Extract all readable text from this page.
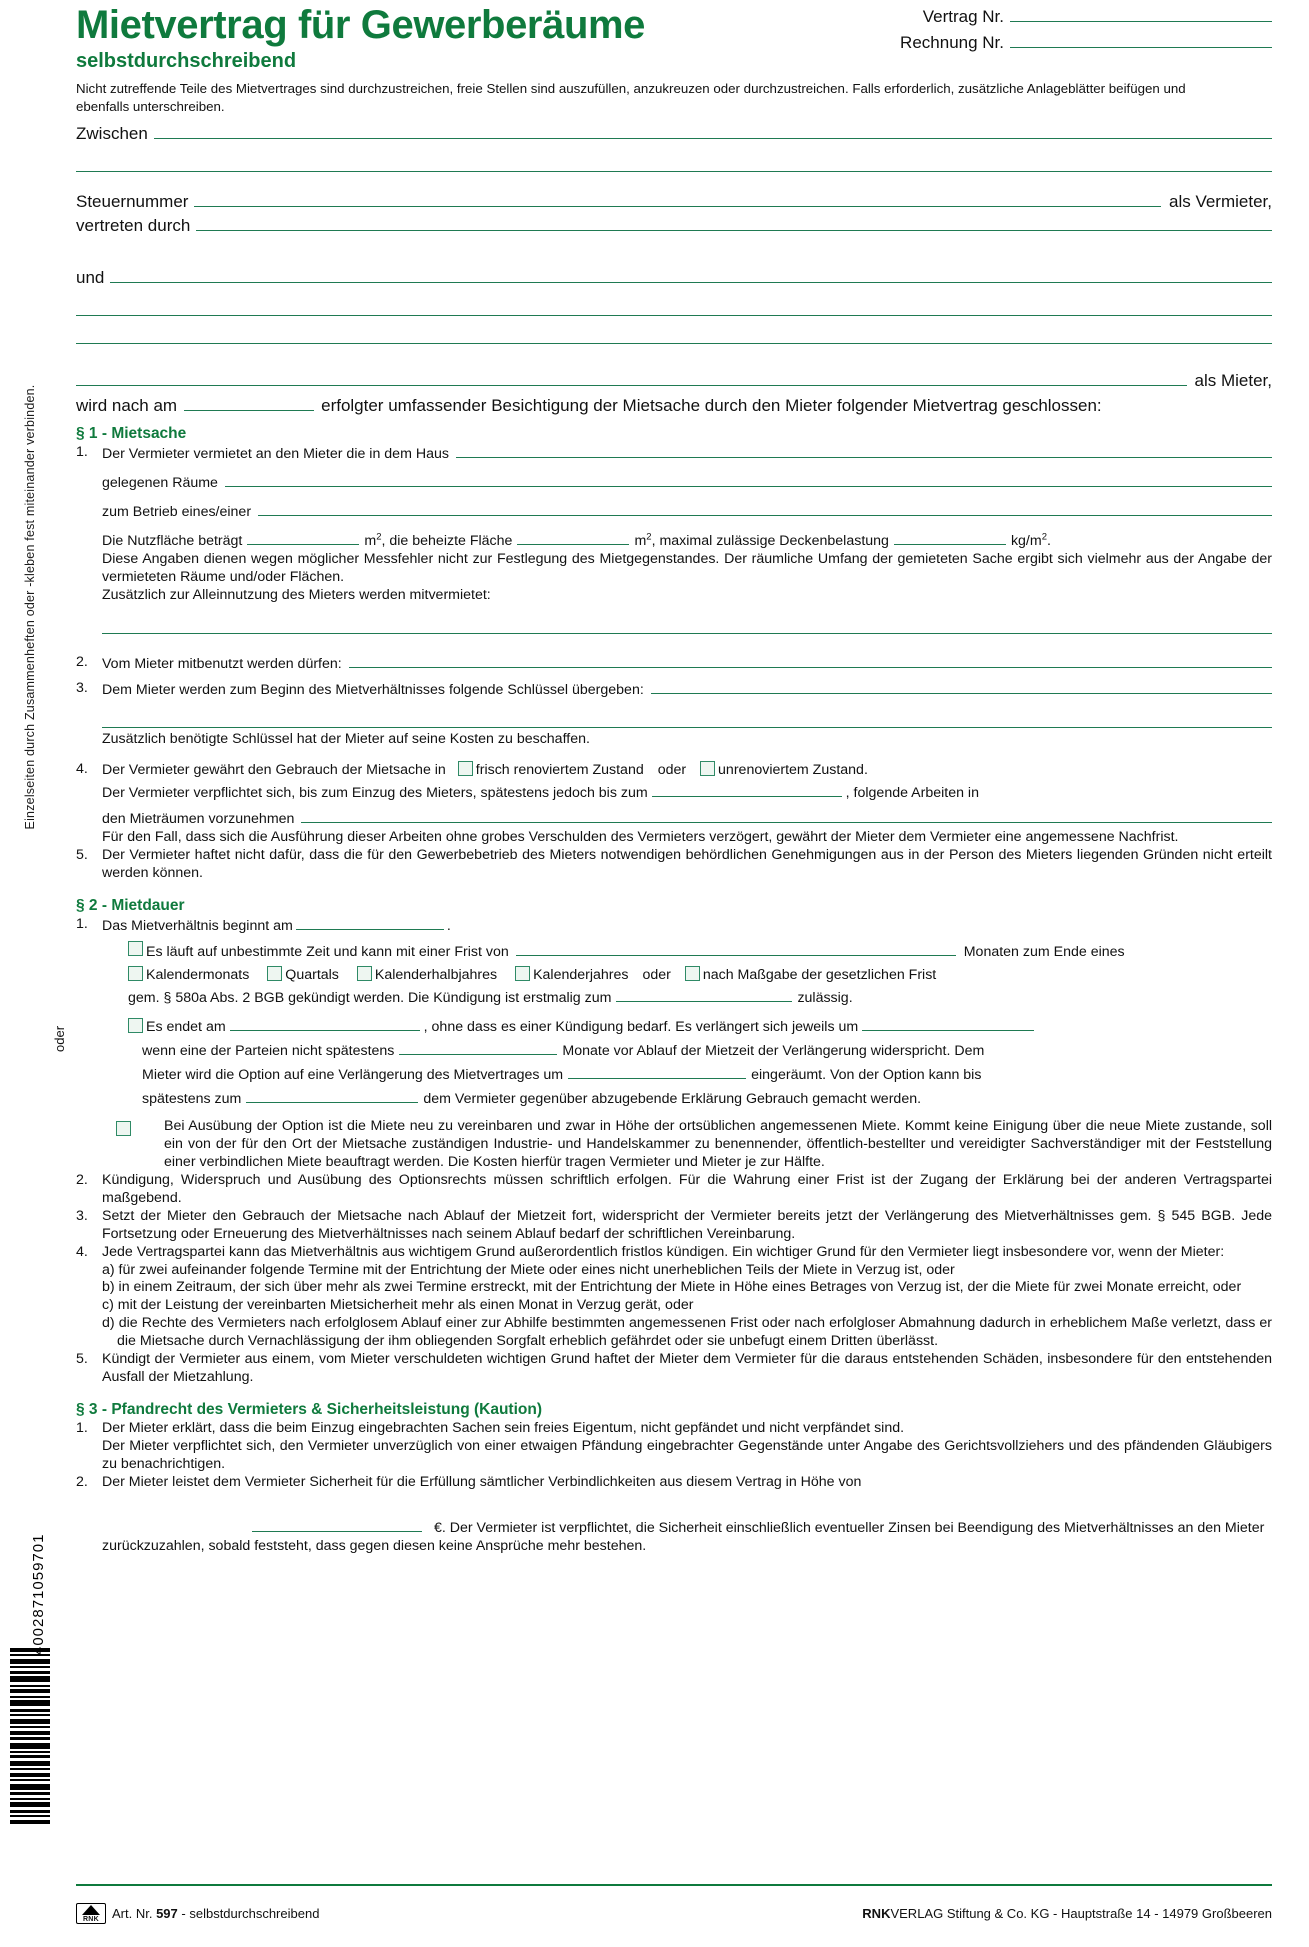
Einzelseiten durch Zusammenheften oder -kleben fest miteinander verbinden.
4002871059701
Mietvertrag für Gewerberäume
selbstdurchschreibend

Nicht zutreffende Teile des Mietvertrages sind durchzustreichen, freie Stellen sind auszufüllen, anzukreuzen oder durchzustreichen. Falls erforderlich, zusätzliche Anlageblätter beifügen und ebenfalls unterschreiben.

Vertrag Nr.
Rechnung Nr.
Zwischen
Steuernummer	als Vermieter,
vertreten durch
und
als Mieter,
wird nach am	erfolgter umfassender Besichtigung der Mietsache durch den Mieter folgender Mietvertrag geschlossen:
§ 1 - Mietsache
1. Der Vermieter vermietet an den Mieter die in dem Haus
gelegenen Räume
zum Betrieb eines/einer
Die Nutzfläche beträgt	$m^2$, die beheizte Fläche	$m^2$, maximal zulässige Deckenbelastung	$kg/m^2$.

Diese Angaben dienen wegen möglicher Messfehler nicht zur Festlegung des Mietgegenstandes. Der räumliche Umfang der gemieteten Sache ergibt sich vielmehr aus der Angabe der vermieteten Räume und/oder Flächen.

Zusätzlich zur Alleinnutzung des Mieters werden mitvermietet:

2. Vom Mieter mitbenutzt werden dürfen:
3. Dem Mieter werden zum Beginn des Mietverhältnisses folgende Schlüssel übergeben:

Zusätzlich benötigte Schlüssel hat der Mieter auf seine Kosten zu beschaffen.

4. Der Vermieter gewährt den Gebrauch der Mietsache in frisch renoviertem Zustand oder unrenoviertem Zustand.
Der Vermieter verpflichtet sich, bis zum Einzug des Mieters, spätestens jedoch bis zum	, folgende Arbeiten in
den Mieträumen vorzunehmen

Für den Fall, dass sich die Ausführung dieser Arbeiten ohne grobes Verschulden des Vermieters verzögert, gewährt der Mieter dem Vermieter eine angemessene Nachfrist.

5. Der Vermieter haftet nicht dafür, dass die für den Gewerbebetrieb des Mieters notwendigen behördlichen Genehmigungen aus in der Person des Mieters liegenden Gründen nicht erteilt werden können.

§ 2 - Mietdauer
1. Das Mietverhältnis beginnt am	.
Es läuft auf unbestimmte Zeit und kann mit einer Frist von	Monaten zum Ende eines
Kalendermonats	Quartals	Kalenderhalbjahres	Kalenderjahres oder nach Maßgabe der gesetzlichen Frist
gem. § 580a Abs. 2 BGB gekündigt werden. Die Kündigung ist erstmalig zum	zulässig.
Es endet am	, ohne dass es einer Kündigung bedarf. Es verlängert sich jeweils um
wenn eine der Parteien nicht spätestens	Monate vor Ablauf der Mietzeit der Verlängerung widerspricht. Dem
Mieter wird die Option auf eine Verlängerung des Mietvertrages um	eingeräumt. Von der Option kann bis
spätestens zum	dem Vermieter gegenüber abzugebende Erklärung Gebrauch gemacht werden.

Bei Ausübung der Option ist die Miete neu zu vereinbaren und zwar in Höhe der ortsüblichen angemessenen Miete. Kommt keine Einigung über die neue Miete zustande, soll ein von der für den Ort der Mietsache zuständigen Industrie- und Handelskammer zu benennender, öffentlich-bestellter und vereidigter Sachverständiger mit der Feststellung einer verbindlichen Miete beauftragt werden. Die Kosten hierfür tragen Vermieter und Mieter je zur Hälfte.

2. Kündigung, Widerspruch und Ausübung des Optionsrechts müssen schriftlich erfolgen. Für die Wahrung einer Frist ist der Zugang der Erklärung bei der anderen Vertragspartei maßgebend.

3. Setzt der Mieter den Gebrauch der Mietsache nach Ablauf der Mietzeit fort, widerspricht der Vermieter bereits jetzt der Verlängerung des Mietverhältnisses gem. § 545 BGB. Jede Fortsetzung oder Erneuerung des Mietverhältnisses nach seinem Ablauf bedarf der schriftlichen Vereinbarung.

4. Jede Vertragspartei kann das Mietverhältnis aus wichtigem Grund außerordentlich fristlos kündigen. Ein wichtiger Grund für den Vermieter liegt insbesondere vor, wenn der Mieter:

a) für zwei aufeinander folgende Termine mit der Entrichtung der Miete oder eines nicht unerheblichen Teils der Miete in Verzug ist, oder

b) in einem Zeitraum, der sich über mehr als zwei Termine erstreckt, mit der Entrichtung der Miete in Höhe eines Betrages von Verzug ist, der die Miete für zwei Monate erreicht, oder

c) mit der Leistung der vereinbarten Mietsicherheit mehr als einen Monat in Verzug gerät, oder

d) die Rechte des Vermieters nach erfolglosem Ablauf einer zur Abhilfe bestimmten angemessenen Frist oder nach erfolgloser Abmahnung dadurch in erheblichem Maße verletzt, dass er die Mietsache durch Vernachlässigung der ihm obliegenden Sorgfalt erheblich gefährdet oder sie unbefugt einem Dritten überlässt.

5. Kündigt der Vermieter aus einem, vom Mieter verschuldeten wichtigen Grund haftet der Mieter dem Vermieter für die daraus entstehenden Schäden, insbesondere für den entstehenden Ausfall der Mietzahlung.

§ 3 - Pfandrecht des Vermieters & Sicherheitsleistung (Kaution)
1. Der Mieter erklärt, dass die beim Einzug eingebrachten Sachen sein freies Eigentum, nicht gepfändet und nicht verpfändet sind.

Der Mieter verpflichtet sich, den Vermieter unverzüglich von einer etwaigen Pfändung eingebrachter Gegenstände unter Angabe des Gerichtsvollziehers und des pfändenden Gläubigers zu benachrichtigen.

2. Der Mieter leistet dem Vermieter Sicherheit für die Erfüllung sämtlicher Verbindlichkeiten aus diesem Vertrag in Höhe von

€. Der Vermieter ist verpflichtet, die Sicherheit einschließlich eventueller Zinsen bei Beendigung des Mietverhältnisses an den Mieter zurückzuzahlen, sobald feststeht, dass gegen diesen keine Ansprüche mehr bestehen.
oder
RNK Art. Nr. 597 - selbstdurchschreibend	RNKVERLAG Stiftung & Co. KG - Hauptstraße 14 - 14979 Großbeeren
